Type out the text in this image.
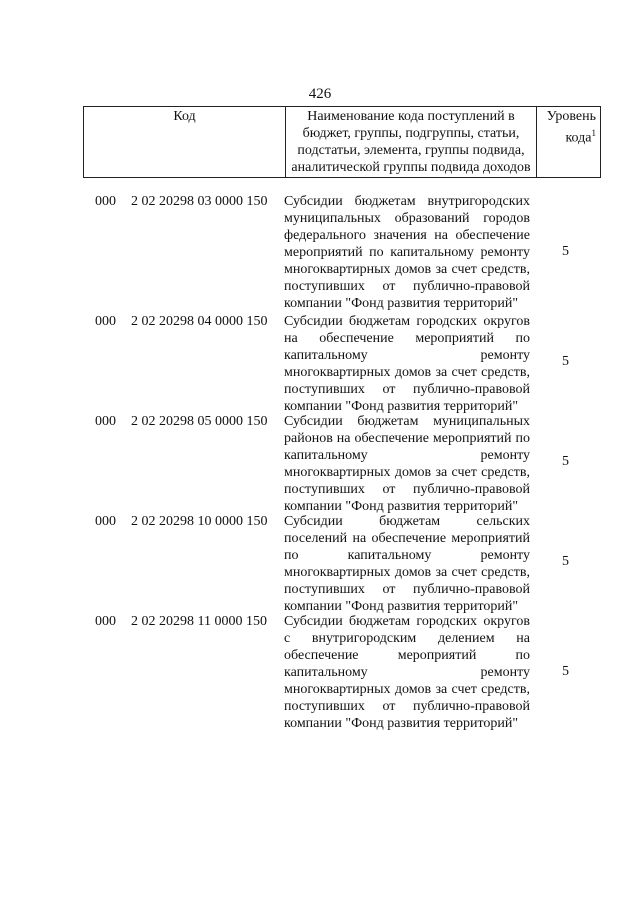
426
Код	Наименование кода поступлений в бюджет, группы, подгруппы, статьи, подстатьи, элемента, группы подвида, аналитической группы подвида доходов	Уровень кода$^1$
000 2 02 20298 03 0000 150 Субсидии бюджетам внутригородских муниципальных образований городов федерального значения на обеспечение мероприятий по капитальному ремонту многоквартирных домов за счет средств, поступивших от публично-правовой компании "Фонд развития территорий"
5
000 2 02 20298 04 0000 150 Субсидии бюджетам городских округов на обеспечение мероприятий по капитальному ремонту многоквартирных домов за счет средств, поступивших от публично-правовой компании "Фонд развития территорий"
5
000 2 02 20298 05 0000 150 Субсидии бюджетам муниципальных районов на обеспечение мероприятий по капитальному ремонту многоквартирных домов за счет средств, поступивших от публично-правовой компании "Фонд развития территорий"
5
000 2 02 20298 10 0000 150 Субсидии бюджетам сельских поселений на обеспечение мероприятий по капитальному ремонту многоквартирных домов за счет средств, поступивших от публично-правовой компании "Фонд развития территорий"
5
000 2 02 20298 11 0000 150 Субсидии бюджетам городских округов с внутригородским делением на обеспечение мероприятий по капитальному ремонту многоквартирных домов за счет средств, поступивших от публично-правовой компании "Фонд развития территорий"
5
